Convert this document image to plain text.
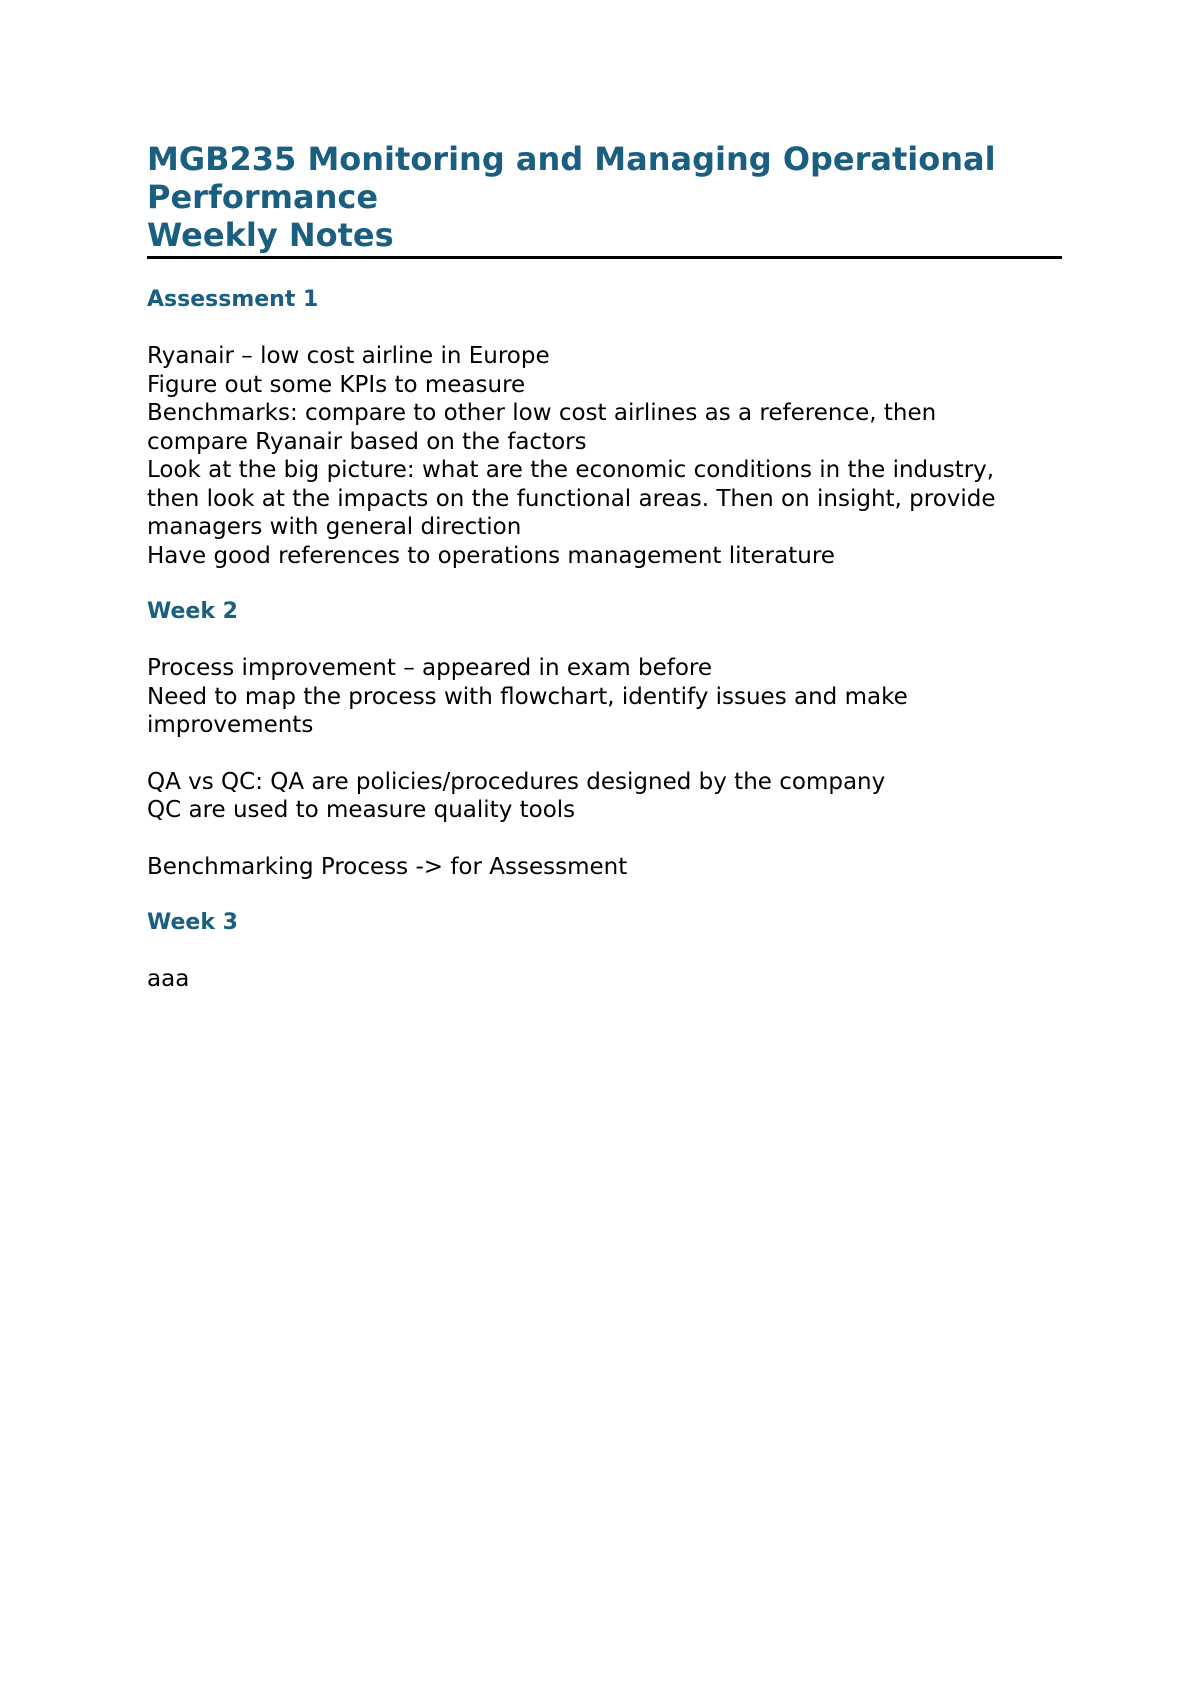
MGB235 Monitoring and Managing Operational
Performance
Weekly Notes
Assessment 1
Ryanair – low cost airline in Europe
Figure out some KPIs to measure
Benchmarks: compare to other low cost airlines as a reference, then
compare Ryanair based on the factors
Look at the big picture: what are the economic conditions in the industry,
then look at the impacts on the functional areas. Then on insight, provide
managers with general direction
Have good references to operations management literature
Week 2
Process improvement – appeared in exam before
Need to map the process with flowchart, identify issues and make
improvements
QA vs QC: QA are policies/procedures designed by the company
QC are used to measure quality tools
Benchmarking Process -> for Assessment
Week 3
aaa
